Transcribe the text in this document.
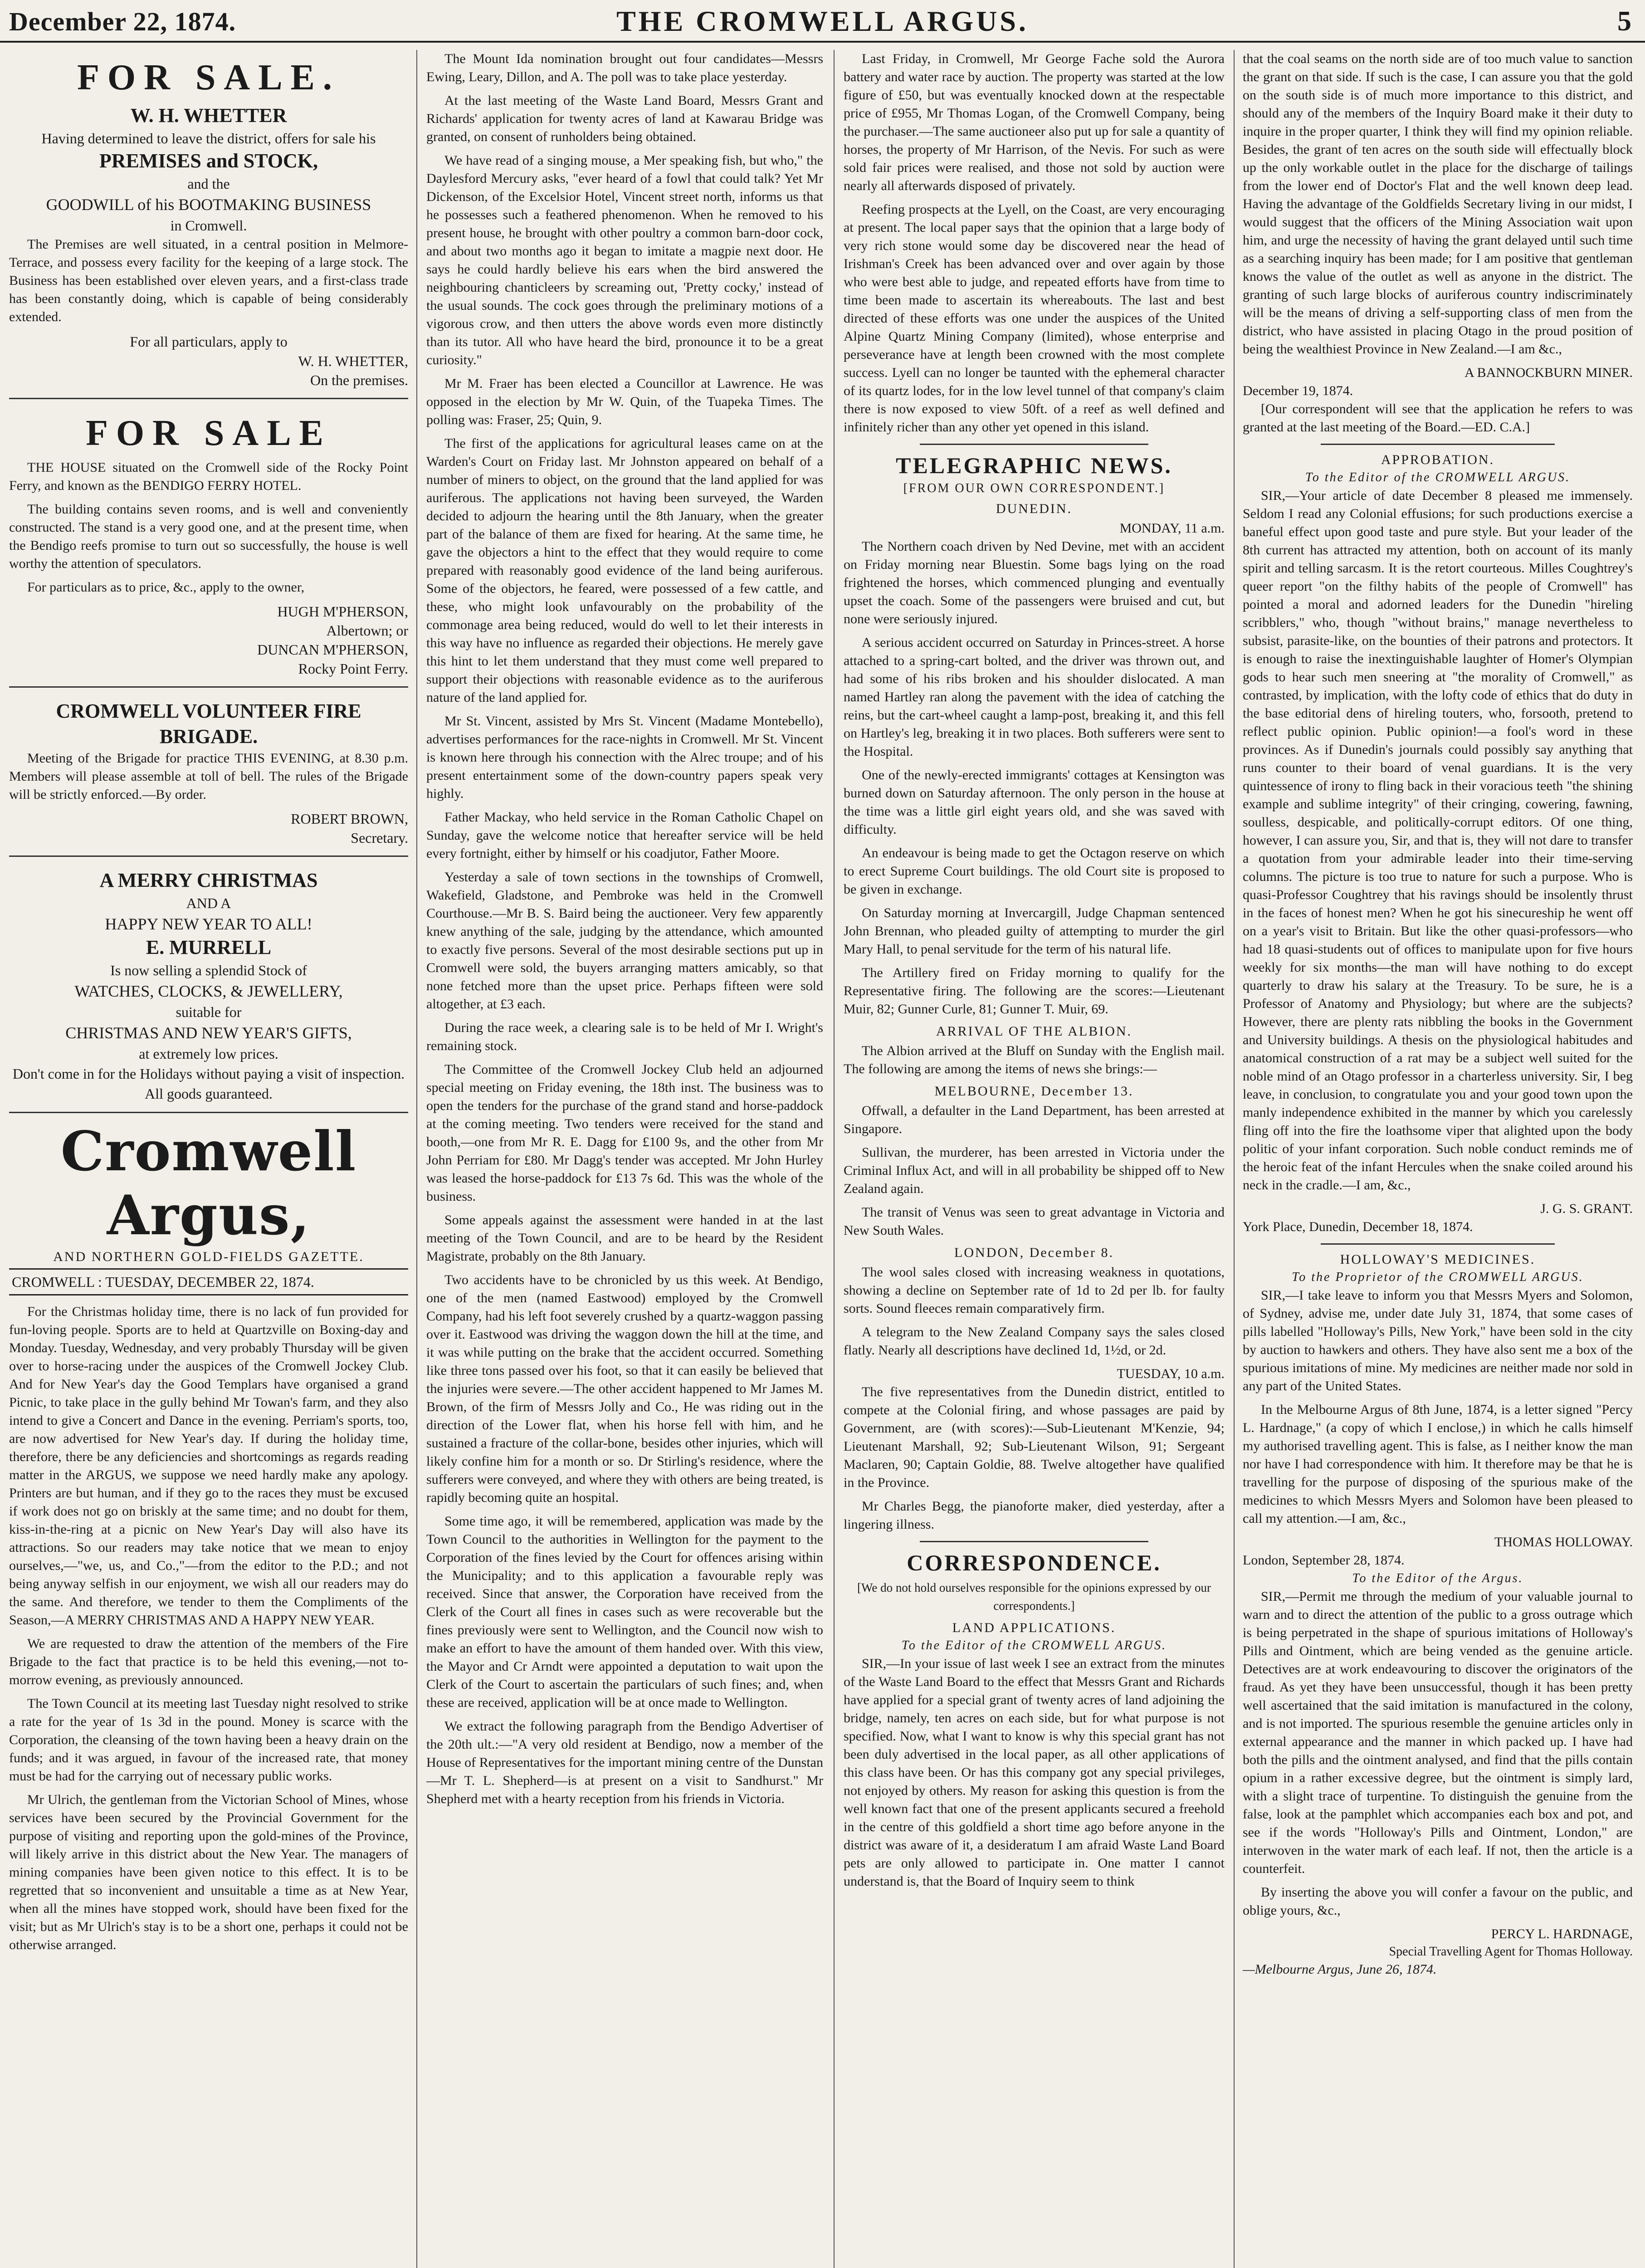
December 22, 1874.	THE CROMWELL ARGUS.	5
FOR SALE.
W. H. WHETTER
Having determined to leave the district, offers for sale his
PREMISES and STOCK,
and the
GOODWILL of his BOOTMAKING BUSINESS
in Cromwell.

The Premises are well situated, in a central position in Melmore-Terrace, and possess every facility for the keeping of a large stock. The Business has been established over eleven years, and a first-class trade has been constantly doing, which is capable of being considerably extended.

For all particulars, apply to
W. H. WHETTER,
On the premises.
FOR SALE

THE HOUSE situated on the Cromwell side of the Rocky Point Ferry, and known as the BENDIGO FERRY HOTEL.

The building contains seven rooms, and is well and conveniently constructed. The stand is a very good one, and at the present time, when the Bendigo reefs promise to turn out so successfully, the house is well worthy the attention of speculators.

For particulars as to price, &c., apply to the owner,

HUGH M'PHERSON,
Albertown; or
DUNCAN M'PHERSON,
Rocky Point Ferry.
CROMWELL VOLUNTEER FIRE BRIGADE.

Meeting of the Brigade for practice THIS EVENING, at 8.30 p.m. Members will please assemble at toll of bell. The rules of the Brigade will be strictly enforced.—By order.

ROBERT BROWN,
Secretary.
A MERRY CHRISTMAS
AND A
HAPPY NEW YEAR TO ALL!
E. MURRELL
Is now selling a splendid Stock of
WATCHES, CLOCKS, & JEWELLERY,
suitable for
CHRISTMAS AND NEW YEAR'S GIFTS,
at extremely low prices.
Don't come in for the Holidays without paying a visit of inspection.
All goods guaranteed.
Cromwell Argus,
AND NORTHERN GOLD-FIELDS GAZETTE.
CROMWELL : TUESDAY, DECEMBER 22, 1874.

For the Christmas holiday time, there is no lack of fun provided for fun-loving people. Sports are to held at Quartzville on Boxing-day and Monday. Tuesday, Wednesday, and very probably Thursday will be given over to horse-racing under the auspices of the Cromwell Jockey Club. And for New Year's day the Good Templars have organised a grand Picnic, to take place in the gully behind Mr Towan's farm, and they also intend to give a Concert and Dance in the evening. Perriam's sports, too, are now advertised for New Year's day. If during the holiday time, therefore, there be any deficiencies and shortcomings as regards reading matter in the ARGUS, we suppose we need hardly make any apology. Printers are but human, and if they go to the races they must be excused if work does not go on briskly at the same time; and no doubt for them, kiss-in-the-ring at a picnic on New Year's Day will also have its attractions. So our readers may take notice that we mean to enjoy ourselves,—"we, us, and Co.,"—from the editor to the P.D.; and not being anyway selfish in our enjoyment, we wish all our readers may do the same. And therefore, we tender to them the Compliments of the Season,—A MERRY CHRISTMAS AND A HAPPY NEW YEAR.

We are requested to draw the attention of the members of the Fire Brigade to the fact that practice is to be held this evening,—not to-morrow evening, as previously announced.

The Town Council at its meeting last Tuesday night resolved to strike a rate for the year of 1s 3d in the pound. Money is scarce with the Corporation, the cleansing of the town having been a heavy drain on the funds; and it was argued, in favour of the increased rate, that money must be had for the carrying out of necessary public works.

Mr Ulrich, the gentleman from the Victorian School of Mines, whose services have been secured by the Provincial Government for the purpose of visiting and reporting upon the gold-mines of the Province, will likely arrive in this district about the New Year. The managers of mining companies have been given notice to this effect. It is to be regretted that so inconvenient and unsuitable a time as at New Year, when all the mines have stopped work, should have been fixed for the visit; but as Mr Ulrich's stay is to be a short one, perhaps it could not be otherwise arranged.

The Mount Ida nomination brought out four candidates—Messrs Ewing, Leary, Dillon, and A. The poll was to take place yesterday.

At the last meeting of the Waste Land Board, Messrs Grant and Richards' application for twenty acres of land at Kawarau Bridge was granted, on consent of runholders being obtained.

We have read of a singing mouse, a Mer speaking fish, but who," the Daylesford Mercury asks, "ever heard of a fowl that could talk? Yet Mr Dickenson, of the Excelsior Hotel, Vincent street north, informs us that he possesses such a feathered phenomenon. When he removed to his present house, he brought with other poultry a common barn-door cock, and about two months ago it began to imitate a magpie next door. He says he could hardly believe his ears when the bird answered the neighbouring chanticleers by screaming out, 'Pretty cocky,' instead of the usual sounds. The cock goes through the preliminary motions of a vigorous crow, and then utters the above words even more distinctly than its tutor. All who have heard the bird, pronounce it to be a great curiosity."

Mr M. Fraer has been elected a Councillor at Lawrence. He was opposed in the election by Mr W. Quin, of the Tuapeka Times. The polling was: Fraser, 25; Quin, 9.

The first of the applications for agricultural leases came on at the Warden's Court on Friday last. Mr Johnston appeared on behalf of a number of miners to object, on the ground that the land applied for was auriferous. The applications not having been surveyed, the Warden decided to adjourn the hearing until the 8th January, when the greater part of the balance of them are fixed for hearing. At the same time, he gave the objectors a hint to the effect that they would require to come prepared with reasonably good evidence of the land being auriferous. Some of the objectors, he feared, were possessed of a few cattle, and these, who might look unfavourably on the probability of the commonage area being reduced, would do well to let their interests in this way have no influence as regarded their objections. He merely gave this hint to let them understand that they must come well prepared to support their objections with reasonable evidence as to the auriferous nature of the land applied for.

Mr St. Vincent, assisted by Mrs St. Vincent (Madame Montebello), advertises performances for the race-nights in Cromwell. Mr St. Vincent is known here through his connection with the Alrec troupe; and of his present entertainment some of the down-country papers speak very highly.

Father Mackay, who held service in the Roman Catholic Chapel on Sunday, gave the welcome notice that hereafter service will be held every fortnight, either by himself or his coadjutor, Father Moore.

Yesterday a sale of town sections in the townships of Cromwell, Wakefield, Gladstone, and Pembroke was held in the Cromwell Courthouse.—Mr B. S. Baird being the auctioneer. Very few apparently knew anything of the sale, judging by the attendance, which amounted to exactly five persons. Several of the most desirable sections put up in Cromwell were sold, the buyers arranging matters amicably, so that none fetched more than the upset price. Perhaps fifteen were sold altogether, at £3 each.

During the race week, a clearing sale is to be held of Mr I. Wright's remaining stock.

The Committee of the Cromwell Jockey Club held an adjourned special meeting on Friday evening, the 18th inst. The business was to open the tenders for the purchase of the grand stand and horse-paddock at the coming meeting. Two tenders were received for the stand and booth,—one from Mr R. E. Dagg for £100 9s, and the other from Mr John Perriam for £80. Mr Dagg's tender was accepted. Mr John Hurley was leased the horse-paddock for £13 7s 6d. This was the whole of the business.

Some appeals against the assessment were handed in at the last meeting of the Town Council, and are to be heard by the Resident Magistrate, probably on the 8th January.

Two accidents have to be chronicled by us this week. At Bendigo, one of the men (named Eastwood) employed by the Cromwell Company, had his left foot severely crushed by a quartz-waggon passing over it. Eastwood was driving the waggon down the hill at the time, and it was while putting on the brake that the accident occurred. Something like three tons passed over his foot, so that it can easily be believed that the injuries were severe.—The other accident happened to Mr James M. Brown, of the firm of Messrs Jolly and Co., He was riding out in the direction of the Lower flat, when his horse fell with him, and he sustained a fracture of the collar-bone, besides other injuries, which will likely confine him for a month or so. Dr Stirling's residence, where the sufferers were conveyed, and where they with others are being treated, is rapidly becoming quite an hospital.

Some time ago, it will be remembered, application was made by the Town Council to the authorities in Wellington for the payment to the Corporation of the fines levied by the Court for offences arising within the Municipality; and to this application a favourable reply was received. Since that answer, the Corporation have received from the Clerk of the Court all fines in cases such as were recoverable but the fines previously were sent to Wellington, and the Council now wish to make an effort to have the amount of them handed over. With this view, the Mayor and Cr Arndt were appointed a deputation to wait upon the Clerk of the Court to ascertain the particulars of such fines; and, when these are received, application will be at once made to Wellington.

We extract the following paragraph from the Bendigo Advertiser of the 20th ult.:—"A very old resident at Bendigo, now a member of the House of Representatives for the important mining centre of the Dunstan—Mr T. L. Shepherd—is at present on a visit to Sandhurst." Mr Shepherd met with a hearty reception from his friends in Victoria.

Last Friday, in Cromwell, Mr George Fache sold the Aurora battery and water race by auction. The property was started at the low figure of £50, but was eventually knocked down at the respectable price of £955, Mr Thomas Logan, of the Cromwell Company, being the purchaser.—The same auctioneer also put up for sale a quantity of horses, the property of Mr Harrison, of the Nevis. For such as were sold fair prices were realised, and those not sold by auction were nearly all afterwards disposed of privately.

Reefing prospects at the Lyell, on the Coast, are very encouraging at present. The local paper says that the opinion that a large body of very rich stone would some day be discovered near the head of Irishman's Creek has been advanced over and over again by those who were best able to judge, and repeated efforts have from time to time been made to ascertain its whereabouts. The last and best directed of these efforts was one under the auspices of the United Alpine Quartz Mining Company (limited), whose enterprise and perseverance have at length been crowned with the most complete success. Lyell can no longer be taunted with the ephemeral character of its quartz lodes, for in the low level tunnel of that company's claim there is now exposed to view 50ft. of a reef as well defined and infinitely richer than any other yet opened in this island.

TELEGRAPHIC NEWS.
[FROM OUR OWN CORRESPONDENT.]
DUNEDIN.
MONDAY, 11 a.m.

The Northern coach driven by Ned Devine, met with an accident on Friday morning near Bluestin. Some bags lying on the road frightened the horses, which commenced plunging and eventually upset the coach. Some of the passengers were bruised and cut, but none were seriously injured.

A serious accident occurred on Saturday in Princes-street. A horse attached to a spring-cart bolted, and the driver was thrown out, and had some of his ribs broken and his shoulder dislocated. A man named Hartley ran along the pavement with the idea of catching the reins, but the cart-wheel caught a lamp-post, breaking it, and this fell on Hartley's leg, breaking it in two places. Both sufferers were sent to the Hospital.

One of the newly-erected immigrants' cottages at Kensington was burned down on Saturday afternoon. The only person in the house at the time was a little girl eight years old, and she was saved with difficulty.

An endeavour is being made to get the Octagon reserve on which to erect Supreme Court buildings. The old Court site is proposed to be given in exchange.

On Saturday morning at Invercargill, Judge Chapman sentenced John Brennan, who pleaded guilty of attempting to murder the girl Mary Hall, to penal servitude for the term of his natural life.

The Artillery fired on Friday morning to qualify for the Representative firing. The following are the scores:—Lieutenant Muir, 82; Gunner Curle, 81; Gunner T. Muir, 69.

ARRIVAL OF THE ALBION.

The Albion arrived at the Bluff on Sunday with the English mail. The following are among the items of news she brings:—

MELBOURNE, December 13.

Offwall, a defaulter in the Land Department, has been arrested at Singapore.

Sullivan, the murderer, has been arrested in Victoria under the Criminal Influx Act, and will in all probability be shipped off to New Zealand again.

The transit of Venus was seen to great advantage in Victoria and New South Wales.

LONDON, December 8.

The wool sales closed with increasing weakness in quotations, showing a decline on September rate of 1d to 2d per lb. for faulty sorts. Sound fleeces remain comparatively firm.

A telegram to the New Zealand Company says the sales closed flatly. Nearly all descriptions have declined 1d, 1½d, or 2d.

TUESDAY, 10 a.m.

The five representatives from the Dunedin district, entitled to compete at the Colonial firing, and whose passages are paid by Government, are (with scores):—Sub-Lieutenant M'Kenzie, 94; Lieutenant Marshall, 92; Sub-Lieutenant Wilson, 91; Sergeant Maclaren, 90; Captain Goldie, 88. Twelve altogether have qualified in the Province.

Mr Charles Begg, the pianoforte maker, died yesterday, after a lingering illness.

CORRESPONDENCE.

[We do not hold ourselves responsible for the opinions expressed by our correspondents.]

LAND APPLICATIONS.
To the Editor of the CROMWELL ARGUS.

SIR,—In your issue of last week I see an extract from the minutes of the Waste Land Board to the effect that Messrs Grant and Richards have applied for a special grant of twenty acres of land adjoining the bridge, namely, ten acres on each side, but for what purpose is not specified. Now, what I want to know is why this special grant has not been duly advertised in the local paper, as all other applications of this class have been. Or has this company got any special privileges, not enjoyed by others. My reason for asking this question is from the well known fact that one of the present applicants secured a freehold in the centre of this goldfield a short time ago before anyone in the district was aware of it, a desideratum I am afraid Waste Land Board pets are only allowed to participate in. One matter I cannot understand is, that the Board of Inquiry seem to think

that the coal seams on the north side are of too much value to sanction the grant on that side. If such is the case, I can assure you that the gold on the south side is of much more importance to this district, and should any of the members of the Inquiry Board make it their duty to inquire in the proper quarter, I think they will find my opinion reliable. Besides, the grant of ten acres on the south side will effectually block up the only workable outlet in the place for the discharge of tailings from the lower end of Doctor's Flat and the well known deep lead. Having the advantage of the Goldfields Secretary living in our midst, I would suggest that the officers of the Mining Association wait upon him, and urge the necessity of having the grant delayed until such time as a searching inquiry has been made; for I am positive that gentleman knows the value of the outlet as well as anyone in the district. The granting of such large blocks of auriferous country indiscriminately will be the means of driving a self-supporting class of men from the district, who have assisted in placing Otago in the proud position of being the wealthiest Province in New Zealand.—I am &c.,

A BANNOCKBURN MINER.
December 19, 1874.

[Our correspondent will see that the application he refers to was granted at the last meeting of the Board.—ED. C.A.]

APPROBATION.
To the Editor of the CROMWELL ARGUS.

SIR,—Your article of date December 8 pleased me immensely. Seldom I read any Colonial effusions; for such productions exercise a baneful effect upon good taste and pure style. But your leader of the 8th current has attracted my attention, both on account of its manly spirit and telling sarcasm. It is the retort courteous. Milles Coughtrey's queer report "on the filthy habits of the people of Cromwell" has pointed a moral and adorned leaders for the Dunedin "hireling scribblers," who, though "without brains," manage nevertheless to subsist, parasite-like, on the bounties of their patrons and protectors. It is enough to raise the inextinguishable laughter of Homer's Olympian gods to hear such men sneering at "the morality of Cromwell," as contrasted, by implication, with the lofty code of ethics that do duty in the base editorial dens of hireling touters, who, forsooth, pretend to reflect public opinion. Public opinion!—a fool's word in these provinces. As if Dunedin's journals could possibly say anything that runs counter to their board of venal guardians. It is the very quintessence of irony to fling back in their voracious teeth "the shining example and sublime integrity" of their cringing, cowering, fawning, soulless, despicable, and politically-corrupt editors. Of one thing, however, I can assure you, Sir, and that is, they will not dare to transfer a quotation from your admirable leader into their time-serving columns. The picture is too true to nature for such a purpose. Who is quasi-Professor Coughtrey that his ravings should be insolently thrust in the faces of honest men? When he got his sinecureship he went off on a year's visit to Britain. But like the other quasi-professors—who had 18 quasi-students out of offices to manipulate upon for five hours weekly for six months—the man will have nothing to do except quarterly to draw his salary at the Treasury. To be sure, he is a Professor of Anatomy and Physiology; but where are the subjects? However, there are plenty rats nibbling the books in the Government and University buildings. A thesis on the physiological habitudes and anatomical construction of a rat may be a subject well suited for the noble mind of an Otago professor in a charterless university. Sir, I beg leave, in conclusion, to congratulate you and your good town upon the manly independence exhibited in the manner by which you carelessly fling off into the fire the loathsome viper that alighted upon the body politic of your infant corporation. Such noble conduct reminds me of the heroic feat of the infant Hercules when the snake coiled around his neck in the cradle.—I am, &c.,

J. G. S. GRANT.
York Place, Dunedin, December 18, 1874.
HOLLOWAY'S MEDICINES.
To the Proprietor of the CROMWELL ARGUS.

SIR,—I take leave to inform you that Messrs Myers and Solomon, of Sydney, advise me, under date July 31, 1874, that some cases of pills labelled "Holloway's Pills, New York," have been sold in the city by auction to hawkers and others. They have also sent me a box of the spurious imitations of mine. My medicines are neither made nor sold in any part of the United States.

In the Melbourne Argus of 8th June, 1874, is a letter signed "Percy L. Hardnage," (a copy of which I enclose,) in which he calls himself my authorised travelling agent. This is false, as I neither know the man nor have I had correspondence with him. It therefore may be that he is travelling for the purpose of disposing of the spurious make of the medicines to which Messrs Myers and Solomon have been pleased to call my attention.—I am, &c.,

THOMAS HOLLOWAY.
London, September 28, 1874.
To the Editor of the Argus.

SIR,—Permit me through the medium of your valuable journal to warn and to direct the attention of the public to a gross outrage which is being perpetrated in the shape of spurious imitations of Holloway's Pills and Ointment, which are being vended as the genuine article. Detectives are at work endeavouring to discover the originators of the fraud. As yet they have been unsuccessful, though it has been pretty well ascertained that the said imitation is manufactured in the colony, and is not imported. The spurious resemble the genuine articles only in external appearance and the manner in which packed up. I have had both the pills and the ointment analysed, and find that the pills contain opium in a rather excessive degree, but the ointment is simply lard, with a slight trace of turpentine. To distinguish the genuine from the false, look at the pamphlet which accompanies each box and pot, and see if the words "Holloway's Pills and Ointment, London," are interwoven in the water mark of each leaf. If not, then the article is a counterfeit.

By inserting the above you will confer a favour on the public, and oblige yours, &c.,

PERCY L. HARDNAGE,
Special Travelling Agent for Thomas Holloway.
—Melbourne Argus, June 26, 1874.
